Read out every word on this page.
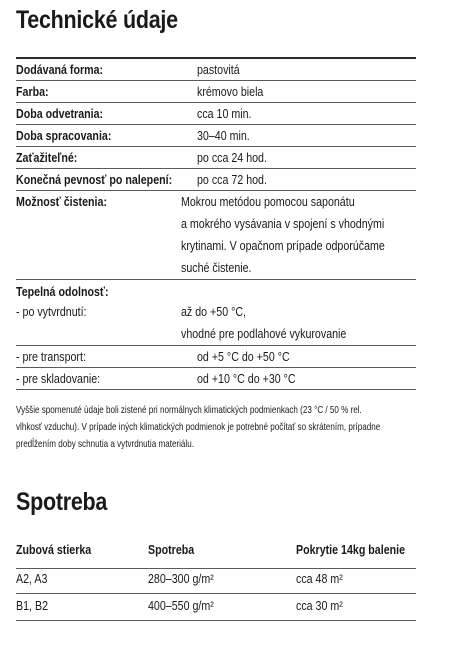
Technické údaje
Dodávaná forma:	pastovitá
Farba:	krémovo biela
Doba odvetrania:	cca 10 min.
Doba spracovania:	30–40 min.
Zaťažiteľné:	po cca 24 hod.
Konečná pevnosť po nalepení:	po cca 72 hod.
Možnosť čistenia:	Mokrou metódou pomocou saponátu
a mokrého vysávania v spojení s vhodnými
krytinami. V opačnom prípade odporúčame
suché čistenie.
Tepelná odolnosť:
- po vytvrdnutí:	až do +50 °C,
vhodné pre podlahové vykurovanie
- pre transport:	od +5 °C do +50 °C
- pre skladovanie:	od +10 °C do +30 °C
Vyššie spomenuté údaje boli zistené pri normálnych klimatických podmienkach (23 °C / 50 % rel.
vlhkosť vzduchu). V prípade iných klimatických podmienok je potrebné počítať so skrátením, prípadne
predĺžením doby schnutia a vytvrdnutia materiálu.
Spotreba
Zubová stierka	Spotreba	Pokrytie 14kg balenie
A2, A3	280–300 g/m²	cca 48 m²
B1, B2	400–550 g/m²	cca 30 m²
